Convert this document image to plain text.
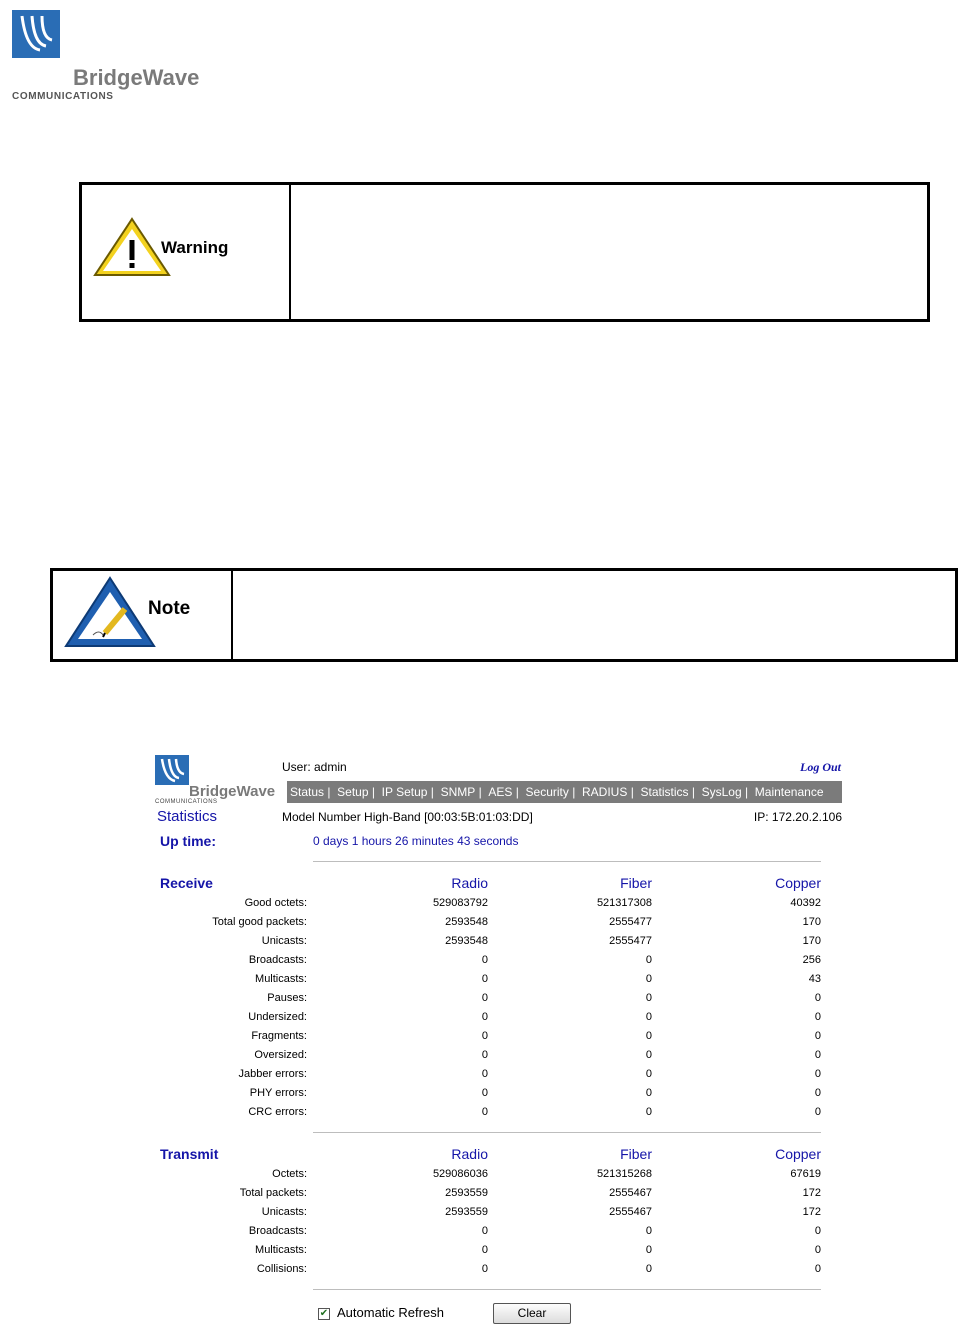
BridgeWave
COMMUNICATIONS
Warning
Note
BridgeWave
COMMUNICATIONS
User: admin	Log Out
Status | Setup | IP Setup | SNMP | AES | Security | RADIUS | Statistics | SysLog | Maintenance
Statistics	Model Number High-Band [00:03:5B:01:03:DD]	IP: 172.20.2.106
Up time:	0 days 1 hours 26 minutes 43 seconds
Receive	Radio	Fiber	Copper
Good octets:	529083792	521317308	40392
Total good packets:	2593548	2555477	170
Unicasts:	2593548	2555477	170
Broadcasts:	0	0	256
Multicasts:	0	0	43
Pauses:	0	0	0
Undersized:	0	0	0
Fragments:	0	0	0
Oversized:	0	0	0
Jabber errors:	0	0	0
PHY errors:	0	0	0
CRC errors:	0	0	0
Transmit	Radio	Fiber	Copper
Octets:	529086036	521315268	67619
Total packets:	2593559	2555467	172
Unicasts:	2593559	2555467	172
Broadcasts:	0	0	0
Multicasts:	0	0	0
Collisions:	0	0	0
✔ Automatic Refresh	Clear
